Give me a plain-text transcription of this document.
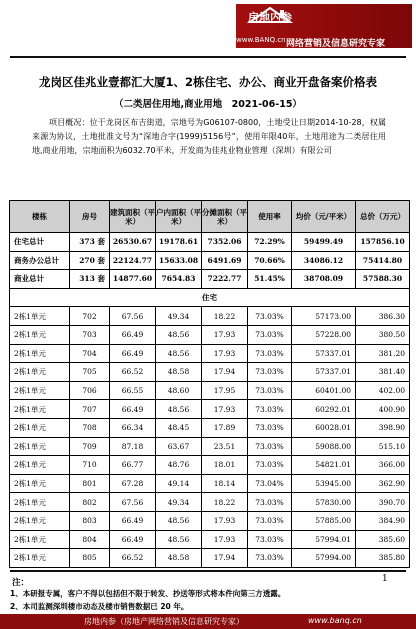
房地内参
www.BANQ.cn 网络营销及信息研究专家
龙岗区佳兆业壹都汇大厦1、2栋住宅、办公、商业开盘备案价格表
（二类居住用地,商业用地　2021-06-15）
项目概况：位于龙岗区布吉街道，宗地号为G06107-0800，土地受让日期2014-10-28，权属来源为协议，土地批准文号为“深地合字(1999)5156号”，使用年限40年，土地用途为二类居住用地,商业用地，宗地面积为6032.70平米，开发商为佳兆业物业管理（深圳）有限公司
楼栋	房号	建筑面积（平米）	户内面积（平米）	分摊面积（平米）	使用率	均价（元/平米）	总价（万元）
住宅总计	373 套	26530.67	19178.61	7352.06	72.29%	59499.49	157856.10
商务办公总计	270 套	22124.77	15633.08	6491.69	70.66%	34086.12	75414.80
商业总计	313 套	14877.60	7654.83	7222.77	51.45%	38708.09	57588.30
住宅							
2栋1单元	702	67.56	49.34	18.22	73.03%	57173.00	386.30
2栋1单元	703	66.49	48.56	17.93	73.03%	57228.00	380.50
2栋1单元	704	66.49	48.56	17.93	73.03%	57337.01	381.20
2栋1单元	705	66.52	48.58	17.94	73.03%	57337.01	381.40
2栋1单元	706	66.55	48.60	17.95	73.03%	60401.00	402.00
2栋1单元	707	66.49	48.56	17.93	73.03%	60292.01	400.90
2栋1单元	708	66.34	48.45	17.89	73.03%	60028.01	398.90
2栋1单元	709	87.18	63.67	23.51	73.03%	59088.00	515.10
2栋1单元	710	66.77	48.76	18.01	73.03%	54821.01	366.00
2栋1单元	801	67.28	49.14	18.14	73.04%	53945.00	362.90
2栋1单元	802	67.56	49.34	18.22	73.03%	57830.00	390.70
2栋1单元	803	66.49	48.56	17.93	73.03%	57885.00	384.90
2栋1单元	804	66.49	48.56	17.93	73.03%	57994.01	385.60
2栋1单元	805	66.52	48.58	17.94	73.03%	57994.00	385.80
注：	1
1、本研报专属，客户不得以包括但不限于转发、抄送等形式将本件向第三方透露。
2、本司监测深圳楼市动态及楼市销售数据已 20 年。
房地内参（房地产网络营销及信息研究专家）	www.banq.cn
